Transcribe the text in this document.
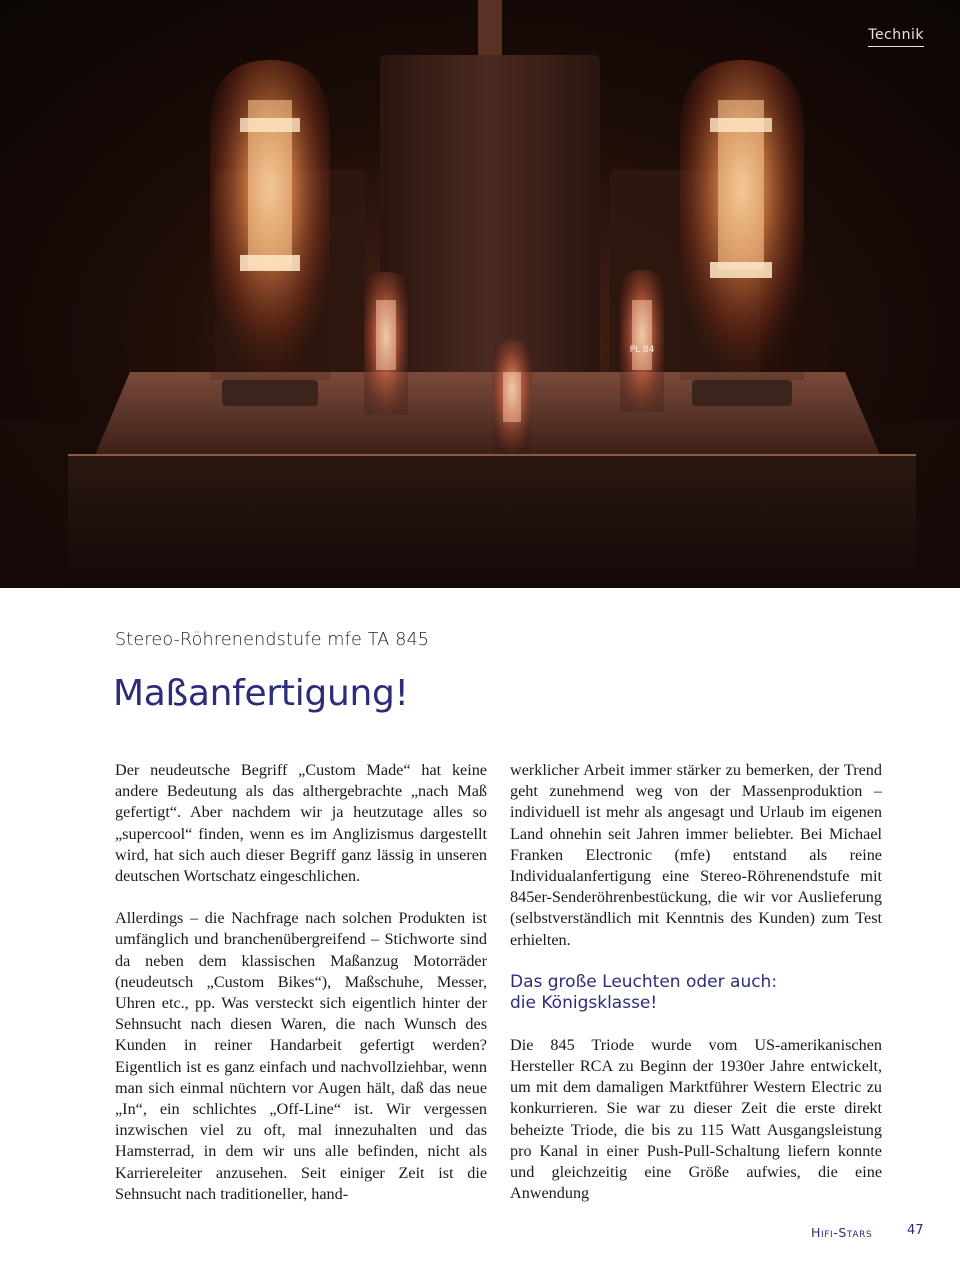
PL 84
Technik
Stereo-Röhrenendstufe mfe TA 845
Maßanfertigung!

Der neudeutsche Begriff „Custom Made“ hat keine andere Bedeutung als das althergebrachte „nach Maß gefertigt“. Aber nachdem wir ja heutzutage alles so „supercool“ finden, wenn es im Anglizismus dargestellt wird, hat sich auch dieser Begriff ganz lässig in unseren deutschen Wortschatz eingeschlichen.

Allerdings – die Nachfrage nach solchen Produkten ist umfänglich und branchenübergreifend – Stichworte sind da neben dem klassischen Maßanzug Motorräder (neudeutsch „Custom Bikes“), Maßschuhe, Messer, Uhren etc., pp. Was versteckt sich eigentlich hinter der Sehnsucht nach diesen Waren, die nach Wunsch des Kunden in reiner Handarbeit gefertigt werden? Eigentlich ist es ganz einfach und nachvollziehbar, wenn man sich einmal nüchtern vor Augen hält, daß das neue „In“, ein schlichtes „Off-Line“ ist. Wir vergessen inzwischen viel zu oft, mal innezuhalten und das Hamsterrad, in dem wir uns alle befinden, nicht als Karriereleiter anzusehen. Seit einiger Zeit ist die Sehnsucht nach traditioneller, hand-

werklicher Arbeit immer stärker zu bemerken, der Trend geht zunehmend weg von der Massenproduktion – individuell ist mehr als angesagt und Urlaub im eigenen Land ohnehin seit Jahren immer beliebter. Bei Michael Franken Electronic (mfe) entstand als reine Individualanfertigung eine Stereo-Röhrenendstufe mit 845er-Senderöhrenbestückung, die wir vor Auslieferung (selbstverständlich mit Kenntnis des Kunden) zum Test erhielten.

Das große Leuchten oder auch:
die Königsklasse!

Die 845 Triode wurde vom US-amerikanischen Hersteller RCA zu Beginn der 1930er Jahre entwickelt, um mit dem damaligen Marktführer Western Electric zu konkurrieren. Sie war zu dieser Zeit die erste direkt beheizte Triode, die bis zu 115 Watt Ausgangsleistung pro Kanal in einer Push-Pull-Schaltung liefern konnte und gleichzeitig eine Größe aufwies, die eine Anwendung

Hifi-Stars	47
